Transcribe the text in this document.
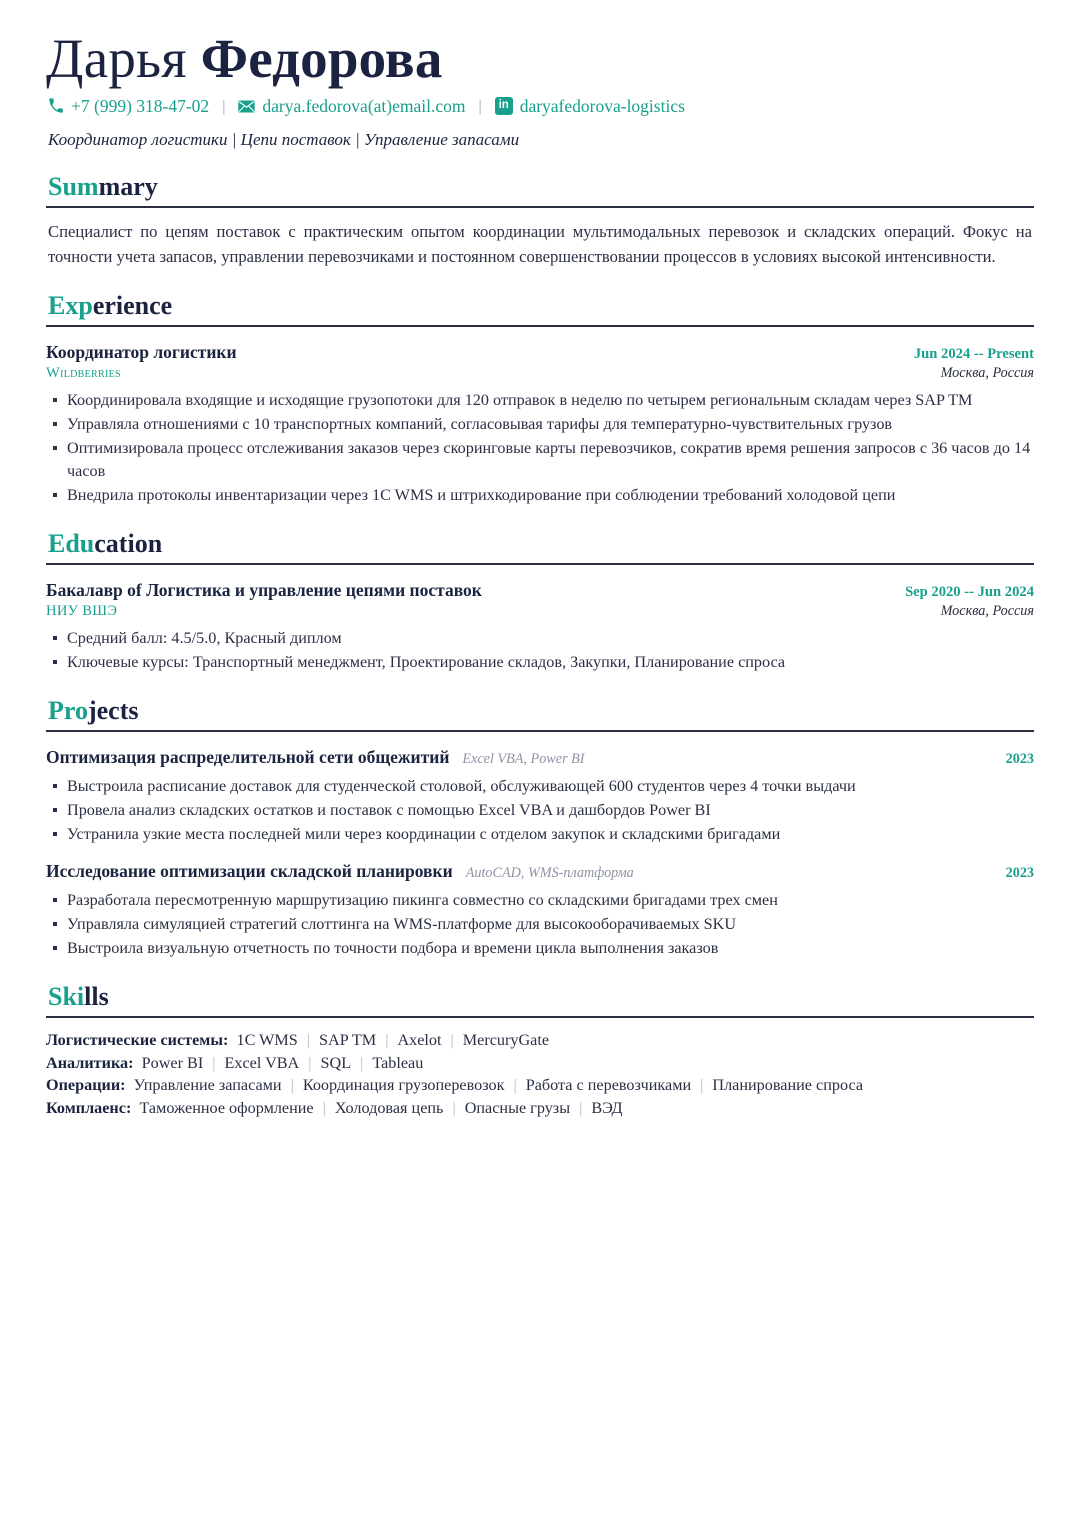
Дарья Федорова
+7 (999) 318-47-02 |	darya.fedorova(at)email.com |	in daryafedorova-logistics
Координатор логистики | Цепи поставок | Управление запасами
Summary

Специалист по цепям поставок с практическим опытом координации мультимодальных перевозок и складских операций. Фокус на точности учета запасов, управлении перевозчиками и постоянном совершенствовании процессов в условиях высокой интенсивности.

Experience
Координатор логистики	Jun 2024 -- Present
Wildberries	Москва, Россия
Координировала входящие и исходящие грузопотоки для 120 отправок в неделю по четырем региональным складам через SAP TM
Управляла отношениями с 10 транспортных компаний, согласовывая тарифы для температурно-чувствительных грузов
Оптимизировала процесс отслеживания заказов через скоринговые карты перевозчиков, сократив время решения запросов с 36 часов до 14 часов
Внедрила протоколы инвентаризации через 1C WMS и штрихкодирование при соблюдении требований холодовой цепи
Education
Бакалавр of Логистика и управление цепями поставок	Sep 2020 -- Jun 2024
НИУ ВШЭ	Москва, Россия
Средний балл: 4.5/5.0, Красный диплом
Ключевые курсы: Транспортный менеджмент, Проектирование складов, Закупки, Планирование спроса
Projects
Оптимизация распределительной сети общежитий Excel VBA, Power BI	2023
Выстроила расписание доставок для студенческой столовой, обслуживающей 600 студентов через 4 точки выдачи
Провела анализ складских остатков и поставок с помощью Excel VBA и дашбордов Power BI
Устранила узкие места последней мили через координации с отделом закупок и складскими бригадами
Исследование оптимизации складской планировки AutoCAD, WMS-платформа	2023
Разработала пересмотренную маршрутизацию пикинга совместно со складскими бригадами трех смен
Управляла симуляцией стратегий слоттинга на WMS-платформе для высокооборачиваемых SKU
Выстроила визуальную отчетность по точности подбора и времени цикла выполнения заказов
Skills
Логистические системы: 1C WMS | SAP TM | Axelot | MercuryGate
Аналитика: Power BI | Excel VBA | SQL | Tableau
Операции: Управление запасами | Координация грузоперевозок | Работа с перевозчиками | Планирование спроса
Комплаенс: Таможенное оформление | Холодовая цепь | Опасные грузы | ВЭД
